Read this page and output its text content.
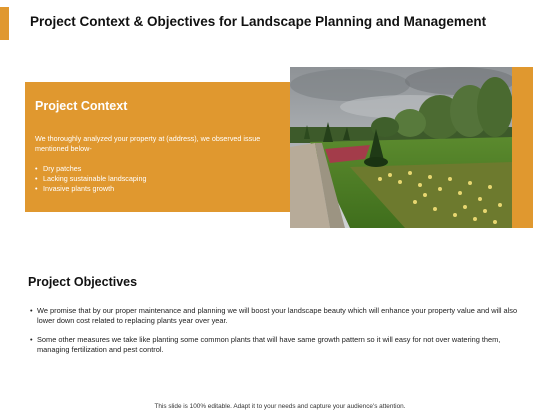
Project Context & Objectives for Landscape Planning and Management
Project Context
We thoroughly analyzed your property at (address), we observed issue mentioned below-
• Dry patches
• Lacking sustainable landscaping
• Invasive plants growth
Project Objectives
• We promise that by our proper maintenance and planning we will boost your landscape beauty which will enhance your property value and will also lower down cost related to replacing plants year over year.
• Some other measures we take like planting some common plants that will have same growth pattern so it will easy for not over watering them, managing fertilization and pest control.
This slide is 100% editable. Adapt it to your needs and capture your audience's attention.
